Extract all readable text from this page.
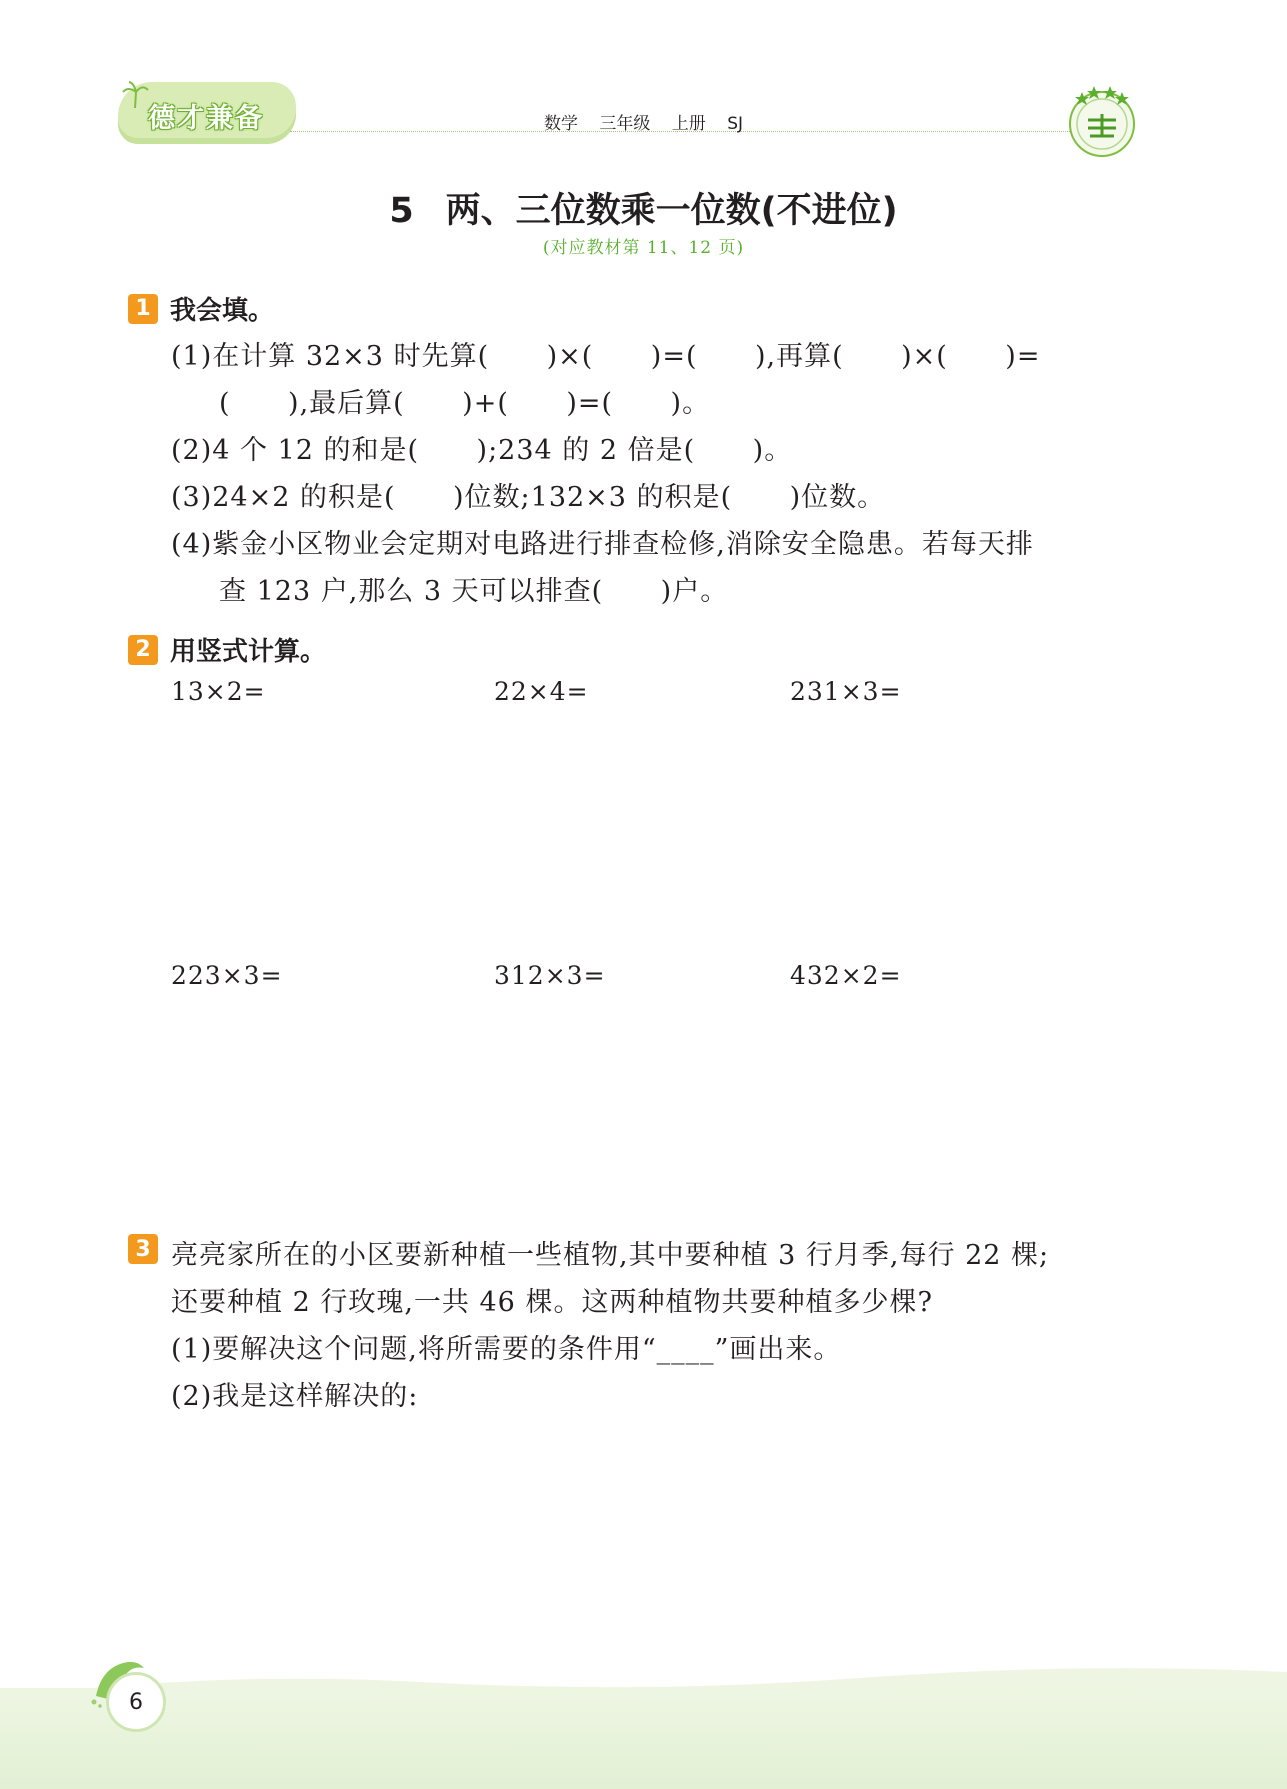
德才兼备	数学 三年级 上册 SJ
5 两、三位数乘一位数(不进位)
(对应教材第 11、12 页)
1 我会填。
(1)在计算 32×3 时先算(      )×(      )=(      ),再算(      )×(      )=
(      ),最后算(      )+(      )=(      )。
(2)4 个 12 的和是(      );234 的 2 倍是(      )。
(3)24×2 的积是(      )位数;132×3 的积是(      )位数。
(4)紫金小区物业会定期对电路进行排查检修,消除安全隐患。若每天排
查 123 户,那么 3 天可以排查(      )户。
2 用竖式计算。
13×2=	22×4=	231×3=
223×3=	312×3=	432×2=
3 亮亮家所在的小区要新种植一些植物,其中要种植 3 行月季,每行 22 棵;
还要种植 2 行玫瑰,一共 46 棵。这两种植物共要种植多少棵?
(1)要解决这个问题,将所需要的条件用“____”画出来。
(2)我是这样解决的:
6
